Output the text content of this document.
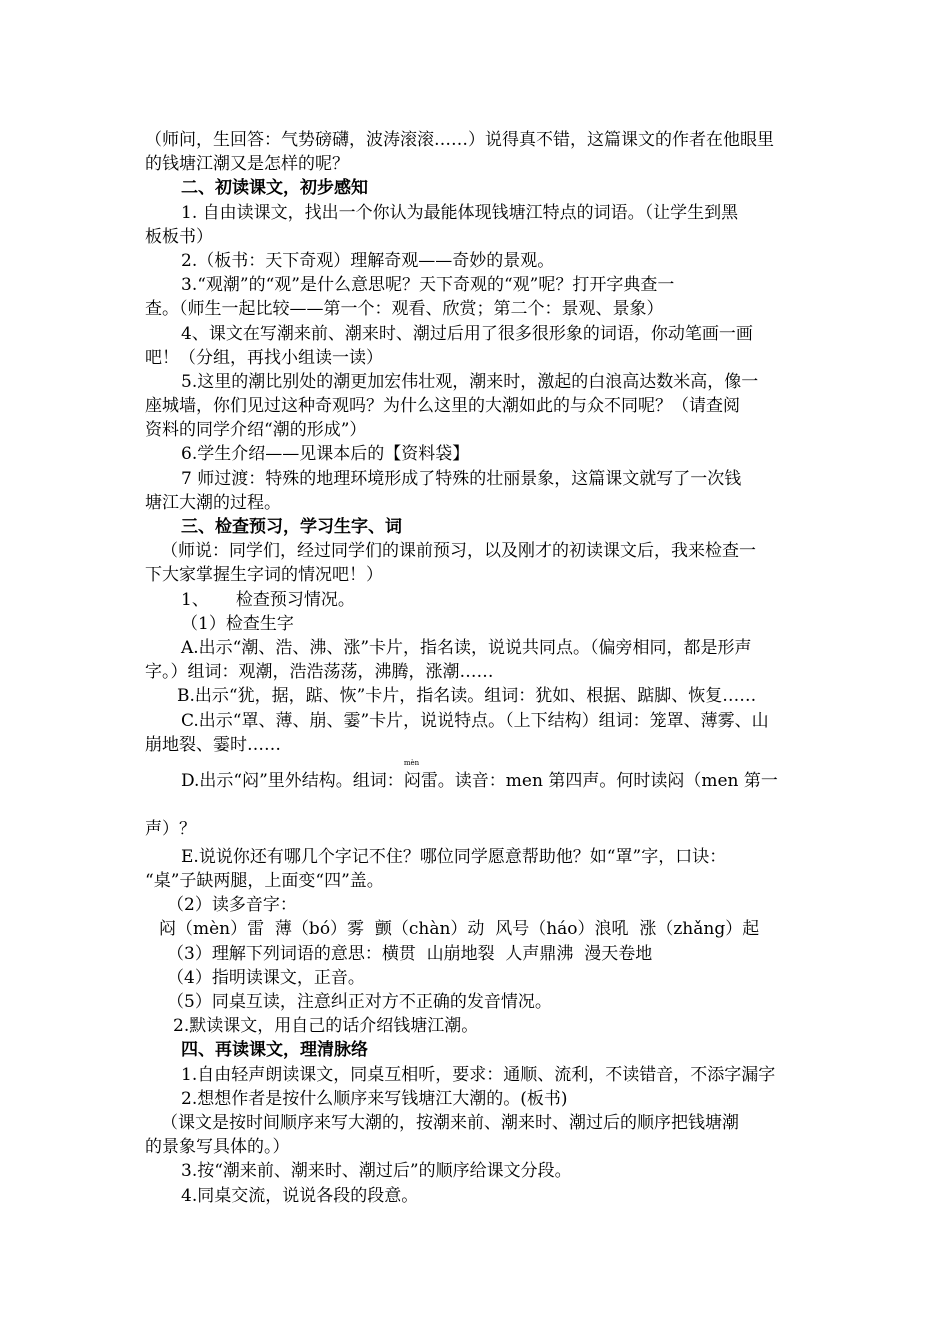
（师问，生回答：气势磅礴，波涛滚滚……）说得真不错，这篇课文的作者在他眼里
的钱塘江潮又是怎样的呢？
二、初读课文，初步感知
1. 自由读课文，找出一个你认为最能体现钱塘江特点的词语。（让学生到黑
板板书）
2.（板书：天下奇观）理解奇观——奇妙的景观。
3.“观潮”的“观”是什么意思呢？天下奇观的“观”呢？打开字典查一
查。（师生一起比较——第一个：观看、欣赏；第二个：景观、景象）
4、课文在写潮来前、潮来时、潮过后用了很多很形象的词语，你动笔画一画
吧！（分组，再找小组读一读）
5.这里的潮比别处的潮更加宏伟壮观，潮来时，激起的白浪高达数米高，像一
座城墙，你们见过这种奇观吗？为什么这里的大潮如此的与众不同呢？（请查阅
资料的同学介绍“潮的形成”）
6.学生介绍——见课本后的【资料袋】
7 师过渡：特殊的地理环境形成了特殊的壮丽景象，这篇课文就写了一次钱
塘江大潮的过程。
三、检查预习，学习生字、词
（师说：同学们，经过同学们的课前预习，以及刚才的初读课文后，我来检查一
下大家掌握生字词的情况吧！）
1、     检查预习情况。
（1）检查生字
A.出示“潮、浩、沸、涨”卡片，指名读，说说共同点。（偏旁相同，都是形声
字。）组词：观潮，浩浩荡荡，沸腾，涨潮……
B.出示“犹，据，踮、恢”卡片，指名读。组词：犹如、根据、踮脚、恢复……
C.出示“罩、薄、崩、霎”卡片，说说特点。（上下结构）组词：笼罩、薄雾、山
崩地裂、霎时……
D.出示“闷”里外结构。组词：
mèn
闷雷。读音：men 第四声。何时读闷（men 第一
声）？
E.说说你还有哪几个字记不住？哪位同学愿意帮助他？如“罩”字，口诀：
“桌”子缺两腿，上面变“四”盖。
（2）读多音字：
闷（mèn）雷  薄（bó）雾  颤（chàn）动  风号（háo）浪吼  涨（zhǎng）起
（3）理解下列词语的意思：横贯  山崩地裂  人声鼎沸  漫天卷地
（4）指明读课文，正音。
（5）同桌互读，注意纠正对方不正确的发音情况。
2.默读课文，用自己的话介绍钱塘江潮。
四、再读课文，理清脉络
1.自由轻声朗读课文，同桌互相听，要求：通顺、流利，不读错音，不添字漏字
2.想想作者是按什么顺序来写钱塘江大潮的。(板书)
（课文是按时间顺序来写大潮的，按潮来前、潮来时、潮过后的顺序把钱塘潮
的景象写具体的。）
3.按“潮来前、潮来时、潮过后”的顺序给课文分段。
4.同桌交流，说说各段的段意。
